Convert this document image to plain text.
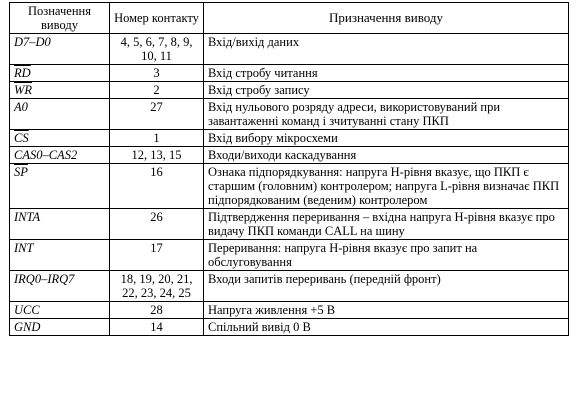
Позначення виводу	Номер контакту	Призначення виводу
D7–D0	4, 5, 6, 7, 8, 9, 10, 11	Вхід/вихід даних
$\overline{RD}$	3	Вхід стробу читання
$\overline{WR}$	2	Вхід стробу запису
A0	27	Вхід нульового розряду адреси, використовуваний при завантаженні команд і зчитуванні стану ПКП
$\overline{CS}$	1	Вхід вибору мікросхеми
CAS0–CAS2	12, 13, 15	Входи/виходи каскадування
$\overline{SP}$	16	Ознака підпорядкування: напруга H-рівня вказує, що ПКП є старшим (головним) контролером; напруга L-рівня визначає ПКП підпорядкованим (веденим) контролером
INTA	26	Підтвердження переривання – вхідна напруга H-рівня вказує про видачу ПКП команди CALL на шину
INT	17	Переривання: напруга H-рівня вказує про запит на обслуговування
IRQ0–IRQ7	18, 19, 20, 21, 22, 23, 24, 25	Входи запитів переривань (передній фронт)
UCC	28	Напруга живлення +5 В
GND	14	Спільний вивід 0 В
